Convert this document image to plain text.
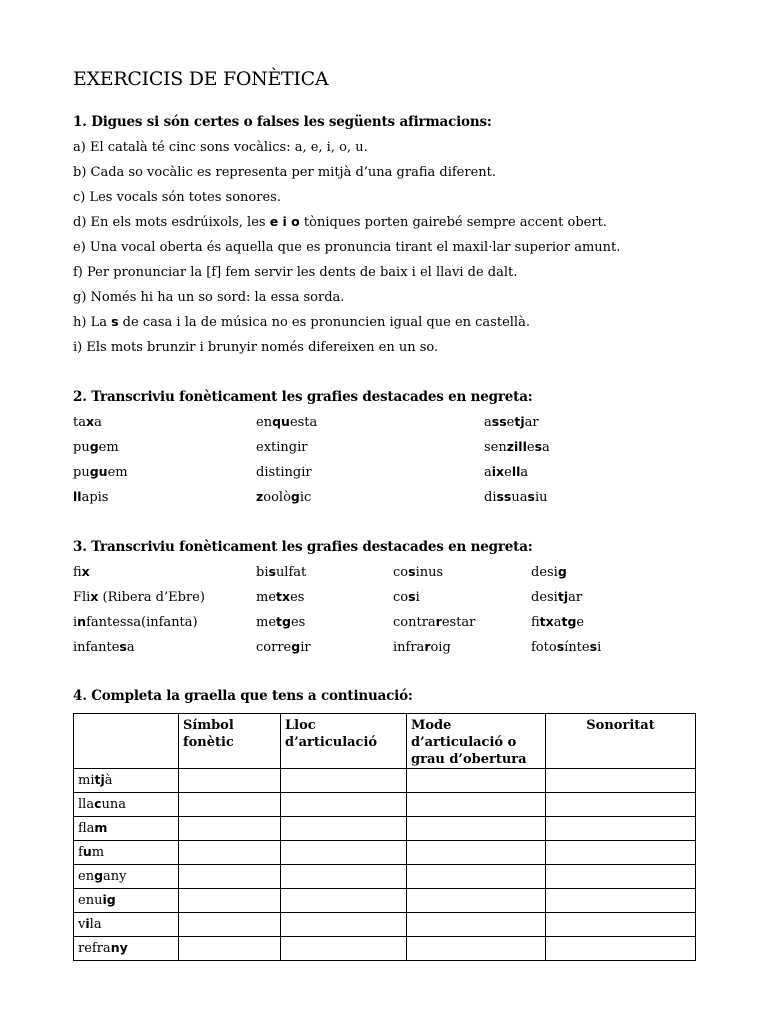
EXERCICIS DE FONÈTICA
1. Digues si són certes o falses les següents afirmacions:
a) El català té cinc sons vocàlics: a, e, i, o, u.
b) Cada so vocàlic es representa per mitjà d’una grafia diferent.
c) Les vocals són totes sonores.
d) En els mots esdrúixols, les e i o tòniques porten gairebé sempre accent obert.
e) Una vocal oberta és aquella que es pronuncia tirant el maxil·lar superior amunt.
f) Per pronunciar la [f] fem servir les dents de baix i el llavi de dalt.
g) Només hi ha un so sord: la essa sorda.
h) La s de casa i la de música no es pronuncien igual que en castellà.
i) Els mots brunzir i brunyir només difereixen en un so.
2. Transcriviu fonèticament les grafies destacades en negreta:
taxa	enquesta	assetjar
pugem	extingir	senzillesa
puguem	distingir	aixella
llapis	zoològic	dissuasiu
3. Transcriviu fonèticament les grafies destacades en negreta:
fix	bisulfat	cosinus	desig
Flix (Ribera d’Ebre)	metxes	cosi	desitjar
infantessa(infanta)	metges	contrarestar	fitxatge
infantesa	corregir	infraroig	fotosíntesi
4. Completa la graella que tens a continuació:
	Símbol fonètic	Lloc d’articulació	Mode d’articulació o grau d’obertura	Sonoritat
mitjà				
llacuna				
flam				
fum				
engany				
enuig				
vila				
refrany				
